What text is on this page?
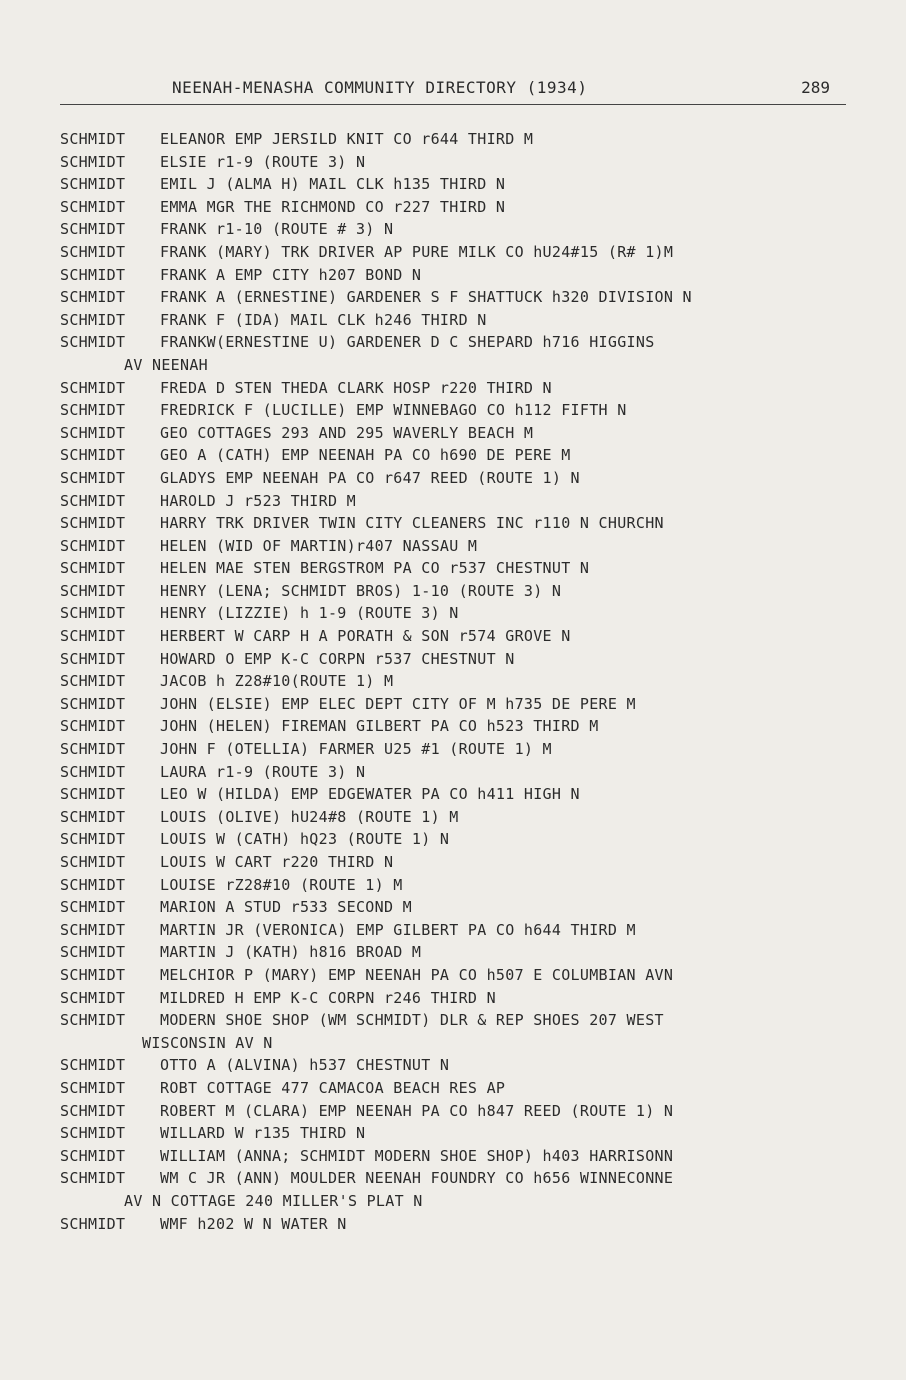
NEENAH-MENASHA COMMUNITY DIRECTORY (1934)	289
SCHMIDT ELEANOR EMP JERSILD KNIT CO r644 THIRD M
SCHMIDT ELSIE r1-9 (ROUTE 3) N
SCHMIDT EMIL J (ALMA H) MAIL CLK h135 THIRD N
SCHMIDT EMMA MGR THE RICHMOND CO r227 THIRD N
SCHMIDT FRANK r1-10 (ROUTE # 3) N
SCHMIDT FRANK (MARY) TRK DRIVER AP PURE MILK CO hU24#15 (R# 1)M
SCHMIDT FRANK A EMP CITY h207 BOND N
SCHMIDT FRANK A (ERNESTINE) GARDENER S F SHATTUCK h320 DIVISION N
SCHMIDT FRANK F (IDA) MAIL CLK h246 THIRD N
SCHMIDT FRANKW(ERNESTINE U) GARDENER D C SHEPARD h716 HIGGINS
AV NEENAH
SCHMIDT FREDA D STEN THEDA CLARK HOSP r220 THIRD N
SCHMIDT FREDRICK F (LUCILLE) EMP WINNEBAGO CO h112 FIFTH N
SCHMIDT GEO COTTAGES 293 AND 295 WAVERLY BEACH M
SCHMIDT GEO A (CATH) EMP NEENAH PA CO h690 DE PERE M
SCHMIDT GLADYS EMP NEENAH PA CO r647 REED (ROUTE 1) N
SCHMIDT HAROLD J r523 THIRD M
SCHMIDT HARRY TRK DRIVER TWIN CITY CLEANERS INC r110 N CHURCHN
SCHMIDT HELEN (WID OF MARTIN)r407 NASSAU M
SCHMIDT HELEN MAE STEN BERGSTROM PA CO r537 CHESTNUT N
SCHMIDT HENRY (LENA; SCHMIDT BROS) 1-10 (ROUTE 3) N
SCHMIDT HENRY (LIZZIE) h 1-9 (ROUTE 3) N
SCHMIDT HERBERT W CARP H A PORATH & SON r574 GROVE N
SCHMIDT HOWARD O EMP K-C CORPN r537 CHESTNUT N
SCHMIDT JACOB h Z28#10(ROUTE 1) M
SCHMIDT JOHN (ELSIE) EMP ELEC DEPT CITY OF M h735 DE PERE M
SCHMIDT JOHN (HELEN) FIREMAN GILBERT PA CO h523 THIRD M
SCHMIDT JOHN F (OTELLIA) FARMER U25 #1 (ROUTE 1) M
SCHMIDT LAURA r1-9 (ROUTE 3) N
SCHMIDT LEO W (HILDA) EMP EDGEWATER PA CO h411 HIGH N
SCHMIDT LOUIS (OLIVE) hU24#8 (ROUTE 1) M
SCHMIDT LOUIS W (CATH) hQ23 (ROUTE 1) N
SCHMIDT LOUIS W CART r220 THIRD N
SCHMIDT LOUISE rZ28#10 (ROUTE 1) M
SCHMIDT MARION A STUD r533 SECOND M
SCHMIDT MARTIN JR (VERONICA) EMP GILBERT PA CO h644 THIRD M
SCHMIDT MARTIN J (KATH) h816 BROAD M
SCHMIDT MELCHIOR P (MARY) EMP NEENAH PA CO h507 E COLUMBIAN AVN
SCHMIDT MILDRED H EMP K-C CORPN r246 THIRD N
SCHMIDT MODERN SHOE SHOP (WM SCHMIDT) DLR & REP SHOES 207 WEST
WISCONSIN AV N
SCHMIDT OTTO A (ALVINA) h537 CHESTNUT N
SCHMIDT ROBT COTTAGE 477 CAMACOA BEACH RES AP
SCHMIDT ROBERT M (CLARA) EMP NEENAH PA CO h847 REED (ROUTE 1) N
SCHMIDT WILLARD W r135 THIRD N
SCHMIDT WILLIAM (ANNA; SCHMIDT MODERN SHOE SHOP) h403 HARRISONN
SCHMIDT WM C JR (ANN) MOULDER NEENAH FOUNDRY CO h656 WINNECONNE
AV N COTTAGE 240 MILLER'S PLAT N
SCHMIDT WMF h202 W N WATER N
